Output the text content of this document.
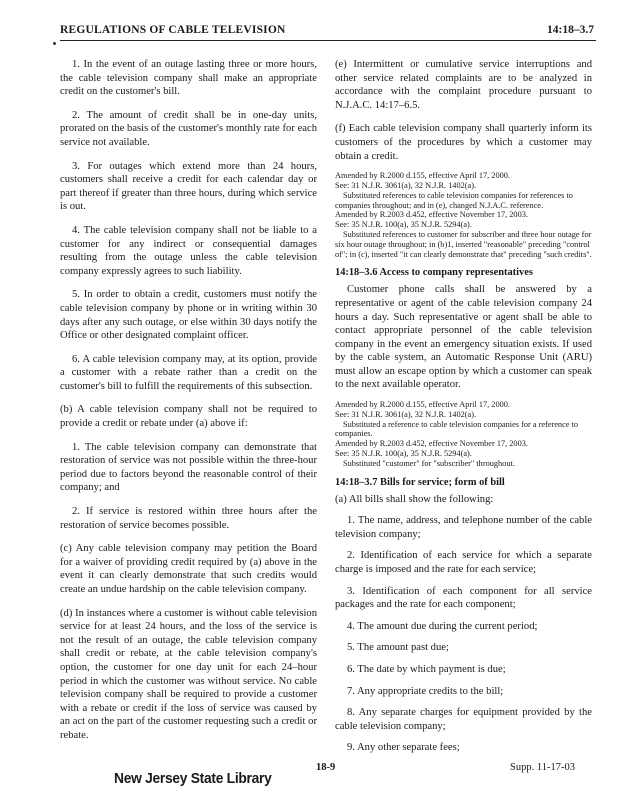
REGULATIONS OF CABLE TELEVISION	14:18–3.7

1. In the event of an outage lasting three or more hours, the cable television company shall make an appropriate credit on the customer's bill.

2. The amount of credit shall be in one-day units, prorated on the basis of the customer's monthly rate for each service not available.

3. For outages which extend more than 24 hours, customers shall receive a credit for each calendar day or part thereof if greater than three hours, during which service is out.

4. The cable television company shall not be liable to a customer for any indirect or consequential damages resulting from the outage unless the cable television company expressly agrees to such liability.

5. In order to obtain a credit, customers must notify the cable television company by phone or in writing within 30 days after any such outage, or else within 30 days notify the Office or other designated complaint officer.

6. A cable television company may, at its option, provide a customer with a rebate rather than a credit on the customer's bill to fulfill the requirements of this subsection.

(b) A cable television company shall not be required to provide a credit or rebate under (a) above if:

1. The cable television company can demonstrate that restoration of service was not possible within the three-hour period due to factors beyond the reasonable control of their company; and

2. If service is restored within three hours after the restoration of service becomes possible.

(c) Any cable television company may petition the Board for a waiver of providing credit required by (a) above in the event it can clearly demonstrate that such credits would create an undue hardship on the cable television company.

(d) In instances where a customer is without cable television service for at least 24 hours, and the loss of the service is not the result of an outage, the cable television company shall credit or rebate, at the cable television company's option, the customer for one day unit for each 24–hour period in which the customer was without service. No cable television company shall be required to provide a customer with a rebate or credit if the loss of service was caused by an act on the part of the customer requesting such a credit or rebate.

(e) Intermittent or cumulative service interruptions and other service related complaints are to be analyzed in accordance with the complaint procedure pursuant to N.J.A.C. 14:17–6.5.

(f) Each cable television company shall quarterly inform its customers of the procedures by which a customer may obtain a credit.

Amended by R.2000 d.155, effective April 17, 2000.

See: 31 N.J.R. 3061(a), 32 N.J.R. 1402(a).

Substituted references to cable television companies for references to companies throughout; and in (e), changed N.J.A.C. reference.

Amended by R.2003 d.452, effective November 17, 2003.

See: 35 N.J.R. 100(a), 35 N.J.R. 5294(a).

Substituted references to customer for subscriber and three hour outage for six hour outage throughout; in (b)1, inserted "reasonable" preceding "control of"; in (c), inserted "it can clearly demonstrate that" preceding "such credits".

14:18–3.6 Access to company representatives

Customer phone calls shall be answered by a representative or agent of the cable television company 24 hours a day. Such representative or agent shall be able to contact appropriate personnel of the cable television company in the event an emergency situation exists. If used by the cable system, an Automatic Response Unit (ARU) must allow an escape option by which a customer can speak to the next available operator.

Amended by R.2000 d.155, effective April 17, 2000.

See: 31 N.J.R. 3061(a), 32 N.J.R. 1402(a).

Substituted a reference to cable television companies for a reference to companies.

Amended by R.2003 d.452, effective November 17, 2003.

See: 35 N.J.R. 100(a), 35 N.J.R. 5294(a).

Substituted "customer" for "subscriber" throughout.

14:18–3.7 Bills for service; form of bill

(a) All bills shall show the following:

1. The name, address, and telephone number of the cable television company;

2. Identification of each service for which a separate charge is imposed and the rate for each service;

3. Identification of each component for all service packages and the rate for each component;

4. The amount due during the current period;

5. The amount past due;

6. The date by which payment is due;

7. Any appropriate credits to the bill;

8. Any separate charges for equipment provided by the cable television company;

9. Any other separate fees;

New Jersey State Library
18-9	Supp. 11-17-03
